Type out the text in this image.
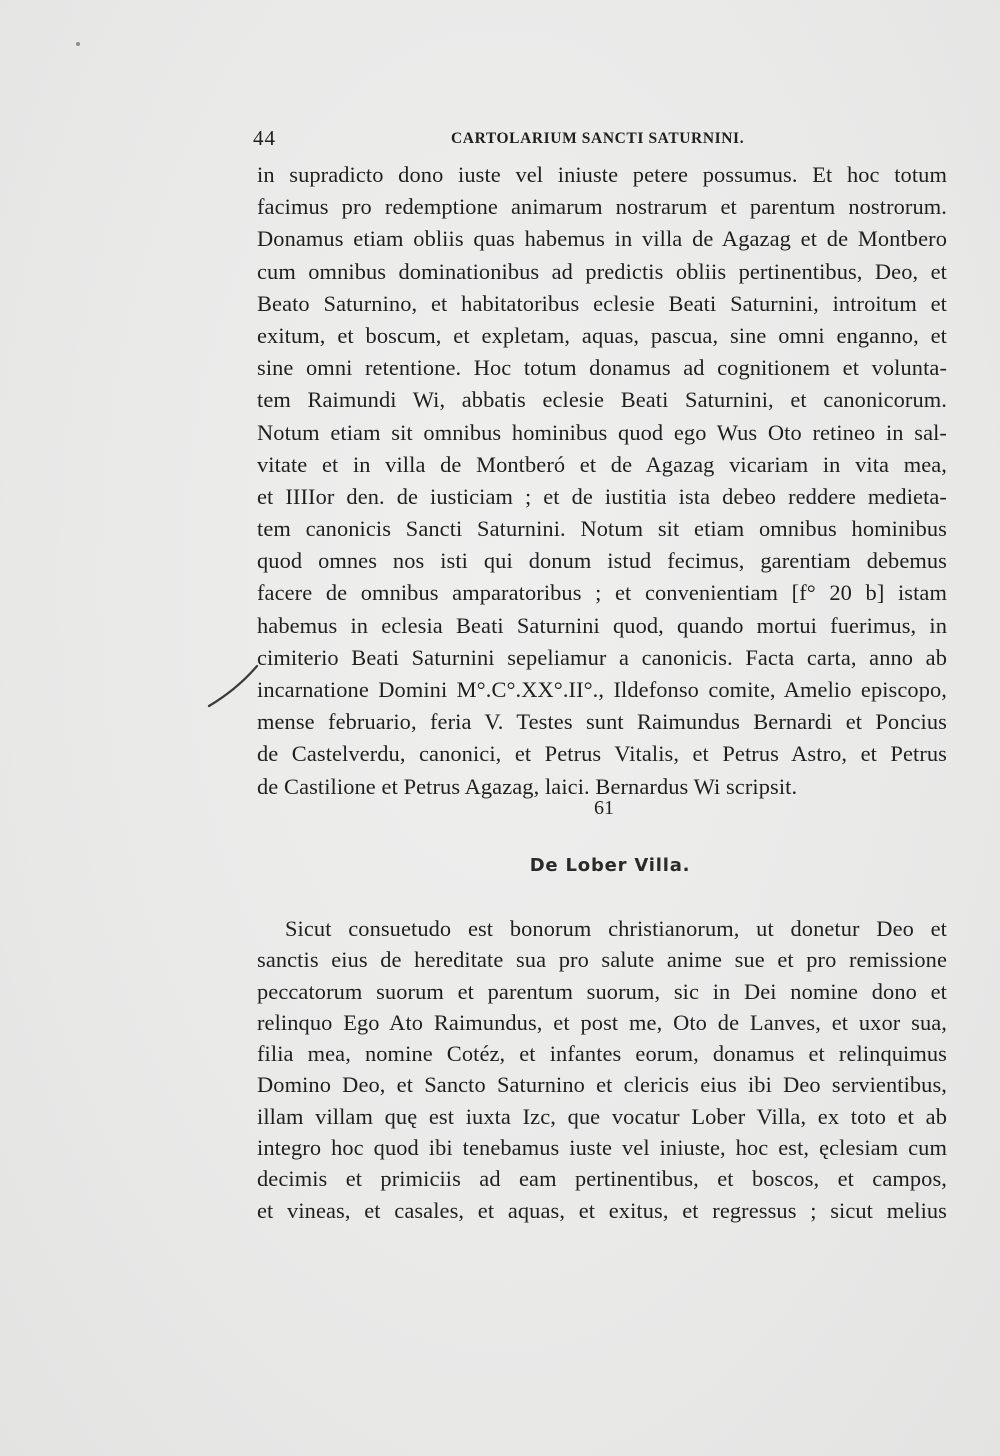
44	CARTOLARIUM SANCTI SATURNINI.
in supradicto dono iuste vel iniuste petere possumus. Et hoc totum
facimus pro redemptione animarum nostrarum et parentum nostrorum.
Donamus etiam obliis quas habemus in villa de Agazag et de Montbero
cum omnibus dominationibus ad predictis obliis pertinentibus, Deo, et
Beato Saturnino, et habitatoribus eclesie Beati Saturnini, introitum et
exitum, et boscum, et expletam, aquas, pascua, sine omni enganno, et
sine omni retentione. Hoc totum donamus ad cognitionem et volunta-
tem Raimundi Wi, abbatis eclesie Beati Saturnini, et canonicorum.
Notum etiam sit omnibus hominibus quod ego Wus Oto retineo in sal-
vitate et in villa de Montberó et de Agazag vicariam in vita mea,
et IIIIor den. de iusticiam ; et de iustitia ista debeo reddere medieta-
tem canonicis Sancti Saturnini. Notum sit etiam omnibus hominibus
quod omnes nos isti qui donum istud fecimus, garentiam debemus
facere de omnibus amparatoribus ; et convenientiam [f° 20 b] istam
habemus in eclesia Beati Saturnini quod, quando mortui fuerimus, in
cimiterio Beati Saturnini sepeliamur a canonicis. Facta carta, anno ab
incarnatione Domini M°.C°.XX°.II°., Ildefonso comite, Amelio episcopo,
mense februario, feria V. Testes sunt Raimundus Bernardi et Poncius
de Castelverdu, canonici, et Petrus Vitalis, et Petrus Astro, et Petrus
de Castilione et Petrus Agazag, laici. Bernardus Wi scripsit.
61
De Lober Villa.
Sicut consuetudo est bonorum christianorum, ut donetur Deo et
sanctis eius de hereditate sua pro salute anime sue et pro remissione
peccatorum suorum et parentum suorum, sic in Dei nomine dono et
relinquo Ego Ato Raimundus, et post me, Oto de Lanves, et uxor sua,
filia mea, nomine Cotéz, et infantes eorum, donamus et relinquimus
Domino Deo, et Sancto Saturnino et clericis eius ibi Deo servientibus,
illam villam quę est iuxta Izc, que vocatur Lober Villa, ex toto et ab
integro hoc quod ibi tenebamus iuste vel iniuste, hoc est, ęclesiam cum
decimis et primiciis ad eam pertinentibus, et boscos, et campos,
et vineas, et casales, et aquas, et exitus, et regressus ; sicut melius
